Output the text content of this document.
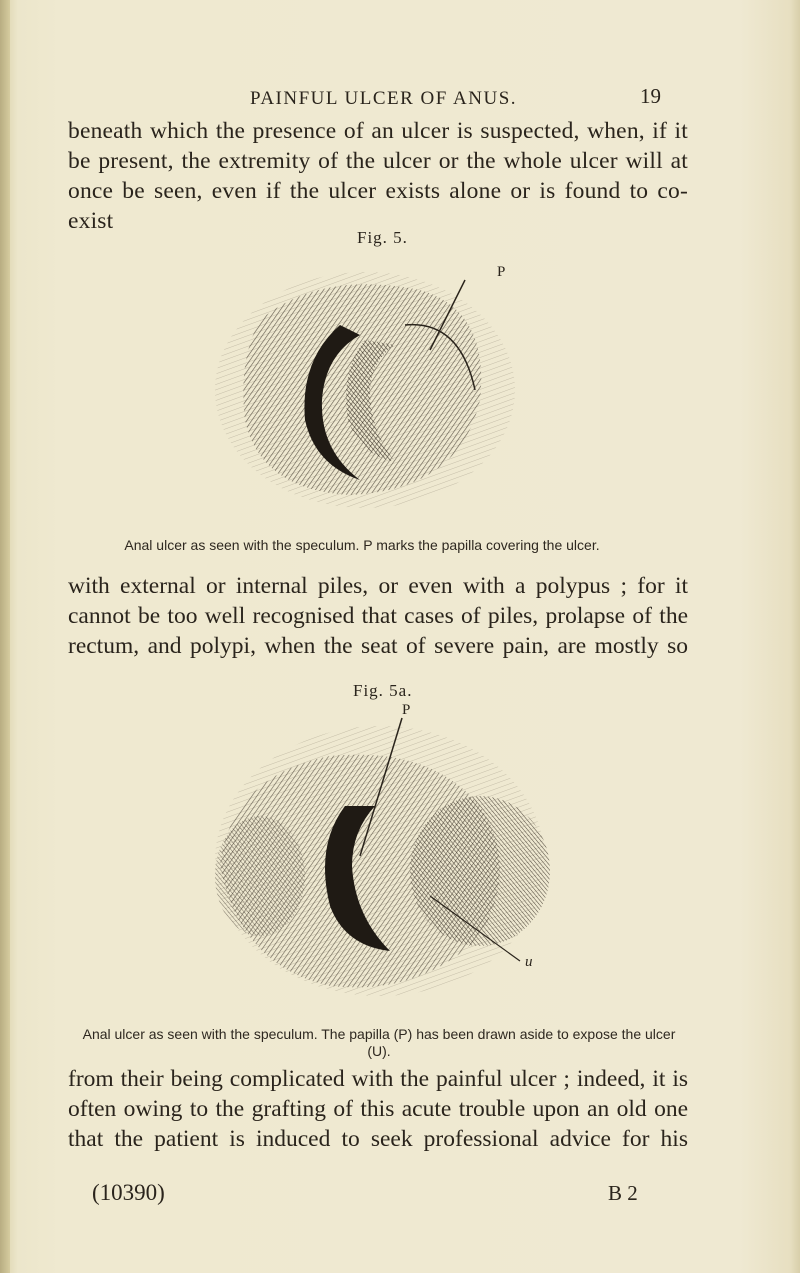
PAINFUL ULCER OF ANUS.	19

beneath which the presence of an ulcer is suspected, when, if it be present, the extremity of the ulcer or the whole ulcer will at once be seen, even if the ulcer exists alone or is found to co-exist

Fig. 5.
P
Anal ulcer as seen with the speculum. P marks the papilla covering the ulcer.

with external or internal piles, or even with a polypus ; for it cannot be too well recognised that cases of piles, prolapse of the rectum, and polypi, when the seat of severe pain, are mostly so

Fig. 5a.
P
u
Anal ulcer as seen with the speculum. The papilla (P) has been drawn aside to expose the ulcer (U).

from their being complicated with the painful ulcer ; indeed, it is often owing to the grafting of this acute trouble upon an old one that the patient is induced to seek professional advice for his

(10390)	B 2
